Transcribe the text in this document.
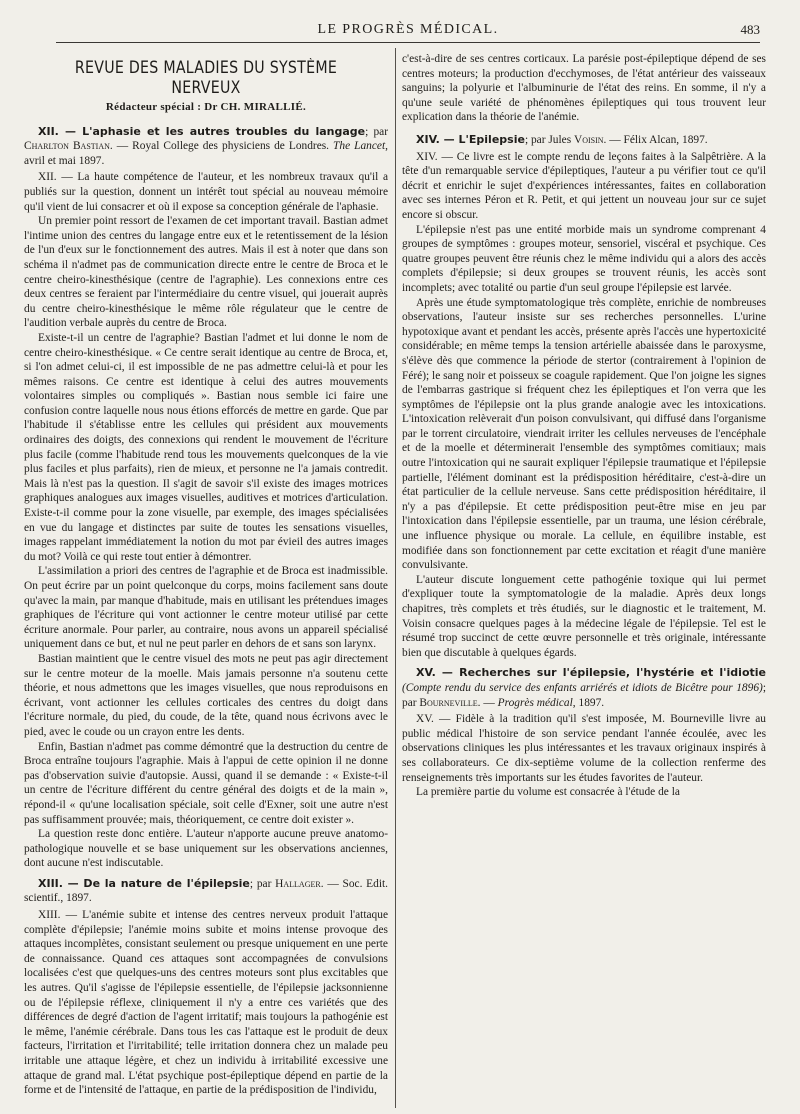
LE PROGRÈS MÉDICAL.	483
REVUE DES MALADIES DU SYSTÈME NERVEUX
Rédacteur spécial : Dr CH. MIRALLIÉ.
XII. — L'aphasie et les autres troubles du langage; par Charlton Bastian. — Royal College des physiciens de Londres. The Lancet, avril et mai 1897.

XII. — La haute compétence de l'auteur, et les nombreux travaux qu'il a publiés sur la question, donnent un intérêt tout spécial au nouveau mémoire qu'il vient de lui consacrer et où il expose sa conception générale de l'aphasie.

Un premier point ressort de l'examen de cet important travail. Bastian admet l'intime union des centres du langage entre eux et le retentissement de la lésion de l'un d'eux sur le fonctionnement des autres. Mais il est à noter que dans son schéma il n'admet pas de communication directe entre le centre de Broca et le centre cheiro-kinesthésique (centre de l'agraphie). Les connexions entre ces deux centres se feraient par l'intermédiaire du centre visuel, qui jouerait auprès du centre cheiro-kinesthésique le même rôle régulateur que le centre de l'audition verbale auprès du centre de Broca.

Existe-t-il un centre de l'agraphie? Bastian l'admet et lui donne le nom de centre cheiro-kinesthésique. « Ce centre serait identique au centre de Broca, et, si l'on admet celui-ci, il est impossible de ne pas admettre celui-là et pour les mêmes raisons. Ce centre est identique à celui des autres mouvements volontaires simples ou compliqués ». Bastian nous semble ici faire une confusion contre laquelle nous nous étions efforcés de mettre en garde. Que par l'habitude il s'établisse entre les cellules qui président aux mouvements ordinaires des doigts, des connexions qui rendent le mouvement de l'écriture plus facile (comme l'habitude rend tous les mouvements quelconques de la vie plus faciles et plus parfaits), rien de mieux, et personne ne l'a jamais contredit. Mais là n'est pas la question. Il s'agit de savoir s'il existe des images motrices graphiques analogues aux images visuelles, auditives et motrices d'articulation. Existe-t-il comme pour la zone visuelle, par exemple, des images spécialisées en vue du langage et distinctes par suite de toutes les sensations visuelles, images rappelant immédiatement la notion du mot par évieil des autres images du mot? Voilà ce qui reste tout entier à démontrer.

L'assimilation a priori des centres de l'agraphie et de Broca est inadmissible. On peut écrire par un point quelconque du corps, moins facilement sans doute qu'avec la main, par manque d'habitude, mais en utilisant les prétendues images graphiques de l'écriture qui vont actionner le centre moteur utilisé par cette écriture anormale. Pour parler, au contraire, nous avons un appareil spécialisé uniquement dans ce but, et nul ne peut parler en dehors de et sans son larynx.

Bastian maintient que le centre visuel des mots ne peut pas agir directement sur le centre moteur de la moelle. Mais jamais personne n'a soutenu cette théorie, et nous admettons que les images visuelles, que nous reproduisons en écrivant, vont actionner les cellules corticales des centres du doigt dans l'écriture normale, du pied, du coude, de la tête, quand nous écrivons avec le pied, avec le coude ou un crayon entre les dents.

Enfin, Bastian n'admet pas comme démontré que la destruction du centre de Broca entraîne toujours l'agraphie. Mais à l'appui de cette opinion il ne donne pas d'observation suivie d'autopsie. Aussi, quand il se demande : « Existe-t-il un centre de l'écriture différent du centre général des doigts et de la main », répond-il « qu'une localisation spéciale, soit celle d'Exner, soit une autre n'est pas suffisamment prouvée; mais, théoriquement, ce centre doit exister ».

La question reste donc entière. L'auteur n'apporte aucune preuve anatomo-pathologique nouvelle et se base uniquement sur les observations anciennes, dont aucune n'est indiscutable.

XIII. — De la nature de l'épilepsie; par Hallager. — Soc. Edit. scientif., 1897.

XIII. — L'anémie subite et intense des centres nerveux produit l'attaque complète d'épilepsie; l'anémie moins subite et moins intense provoque des attaques incomplètes, consistant seulement ou presque uniquement en une perte de connaissance. Quand ces attaques sont accompagnées de convulsions localisées c'est que quelques-uns des centres moteurs sont plus excitables que les autres. Qu'il s'agisse de l'épilepsie essentielle, de l'épilepsie jacksonnienne ou de l'épilepsie réflexe, cliniquement il n'y a entre ces variétés que des différences de degré d'action de l'agent irritatif; mais toujours la pathogénie est le même, l'anémie cérébrale. Dans tous les cas l'attaque est le produit de deux facteurs, l'irritation et l'irritabilité; telle irritation donnera chez un malade peu irritable une attaque légère, et chez un individu à irritabilité excessive une attaque de grand mal. L'état psychique post-épileptique dépend en partie de la forme et de l'intensité de l'attaque, en partie de la prédisposition de l'individu,

XIV. — L'Epilepsie; par Jules Voisin. — Félix Alcan, 1897.

XIV. — Ce livre est le compte rendu de leçons faites à la Salpêtrière. A la tête d'un remarquable service d'épileptiques, l'auteur a pu vérifier tout ce qu'il décrit et enrichir le sujet d'expériences intéressantes, faites en collaboration avec ses internes Péron et R. Petit, et qui jettent un nouveau jour sur ce sujet encore si obscur.

L'épilepsie n'est pas une entité morbide mais un syndrome comprenant 4 groupes de symptômes : groupes moteur, sensoriel, viscéral et psychique. Ces quatre groupes peuvent être réunis chez le même individu qui a alors des accès complets d'épilepsie; si deux groupes se trouvent réunis, les accès sont incomplets; avec totalité ou partie d'un seul groupe l'épilepsie est larvée.

Après une étude symptomatologique très complète, enrichie de nombreuses observations, l'auteur insiste sur ses recherches personnelles. L'urine hypotoxique avant et pendant les accès, présente après l'accès une hypertoxicité considérable; en même temps la tension artérielle abaissée dans le paroxysme, s'élève dès que commence la période de stertor (contrairement à l'opinion de Féré); le sang noir et poisseux se coagule rapidement. Que l'on joigne les signes de l'embarras gastrique si fréquent chez les épileptiques et l'on verra que les symptômes de l'épilepsie ont la plus grande analogie avec les intoxications. L'intoxication relèverait d'un poison convulsivant, qui diffusé dans l'organisme par le torrent circulatoire, viendrait irriter les cellules nerveuses de l'encéphale et de la moelle et déterminerait l'ensemble des symptômes comitiaux; mais outre l'intoxication qui ne saurait expliquer l'épilepsie traumatique et l'épilepsie partielle, l'élément dominant est la prédisposition héréditaire, c'est-à-dire un état particulier de la cellule nerveuse. Sans cette prédisposition héréditaire, il n'y a pas d'épilepsie. Et cette prédisposition peut-être mise en jeu par l'intoxication dans l'épilepsie essentielle, par un trauma, une lésion cérébrale, une influence physique ou morale. La cellule, en équilibre instable, est modifiée dans son fonctionnement par cette excitation et réagit d'une manière convulsivante.

L'auteur discute longuement cette pathogénie toxique qui lui permet d'expliquer toute la symptomatologie de la maladie. Après deux longs chapitres, très complets et très étudiés, sur le diagnostic et le traitement, M. Voisin consacre quelques pages à la médecine légale de l'épilepsie. Tel est le résumé trop succinct de cette œuvre personnelle et très originale, intéressante bien que discutable à quelques égards.

XV. — Recherches sur l'épilepsie, l'hystérie et l'idiotie (Compte rendu du service des enfants arriérés et idiots de Bicêtre pour 1896); par Bourneville. — Progrès médical, 1897.

XV. — Fidèle à la tradition qu'il s'est imposée, M. Bourneville livre au public médical l'histoire de son service pendant l'année écoulée, avec les observations cliniques les plus intéressantes et les travaux originaux inspirés à ses collaborateurs. Ce dix-septième volume de la collection renferme des renseignements très importants sur les études favorites de l'auteur.

La première partie du volume est consacrée à l'étude de la

c'est-à-dire de ses centres corticaux. La parésie post-épileptique dépend de ses centres moteurs; la production d'ecchymoses, de l'état antérieur des vaisseaux sanguins; la polyurie et l'albuminurie de l'état des reins. En somme, il n'y a qu'une seule variété de phénomènes épileptiques qui tous trouvent leur explication dans la théorie de l'anémie.
